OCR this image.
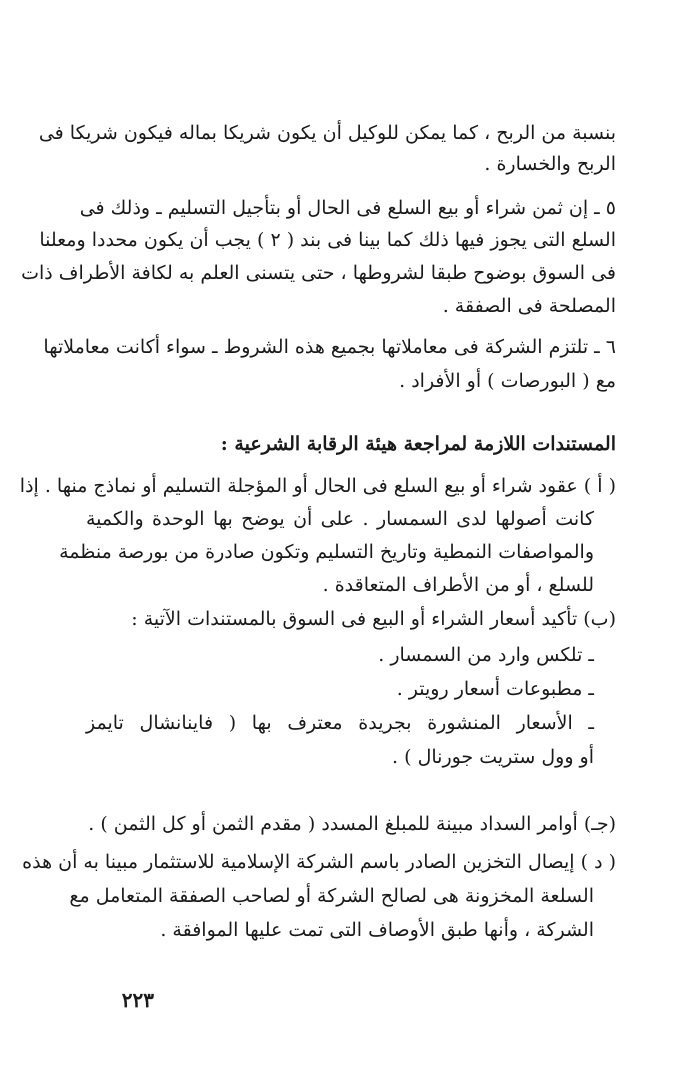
بنسبة من الربح ، كما يمكن للوكيل أن يكون شريكا بماله فيكون شريكا فى
الربح والخسارة .
٥ ـ إن ثمن شراء أو بيع السلع فى الحال أو بتأجيل التسليم ـ وذلك فى
السلع التى يجوز فيها ذلك كما بينا فى بند ( ٢ ) يجب أن يكون محددا ومعلنا
فى السوق بوضوح طبقا لشروطها ، حتى يتسنى العلم به لكافة الأطراف ذات
المصلحة فى الصفقة .
٦ ـ تلتزم الشركة فى معاملاتها بجميع هذه الشروط ـ سواء أكانت معاملاتها
مع ( البورصات ) أو الأفراد .
المستندات اللازمة لمراجعة هيئة الرقابة الشرعية :
( أ ) عقود شراء أو بيع السلع فى الحال أو المؤجلة التسليم أو نماذج منها . إذا
كانت أصولها لدى السمسار . على أن يوضح بها الوحدة والكمية
والمواصفات النمطية وتاريخ التسليم وتكون صادرة من بورصة منظمة
للسلع ، أو من الأطراف المتعاقدة .
(ب) تأكيد أسعار الشراء أو البيع فى السوق بالمستندات الآتية :
ـ تلكس وارد من السمسار .
ـ مطبوعات أسعار رويتر .
ـ الأسعار المنشورة بجريدة معترف بها ( فاينانشال تايمز
أو وول ستريت جورنال ) .
(جـ) أوامر السداد مبينة للمبلغ المسدد ( مقدم الثمن أو كل الثمن ) .
( د ) إيصال التخزين الصادر باسم الشركة الإسلامية للاستثمار مبينا به أن هذه
السلعة المخزونة هى لصالح الشركة أو لصاحب الصفقة المتعامل مع
الشركة ، وأنها طبق الأوصاف التى تمت عليها الموافقة .
٢٢٣
